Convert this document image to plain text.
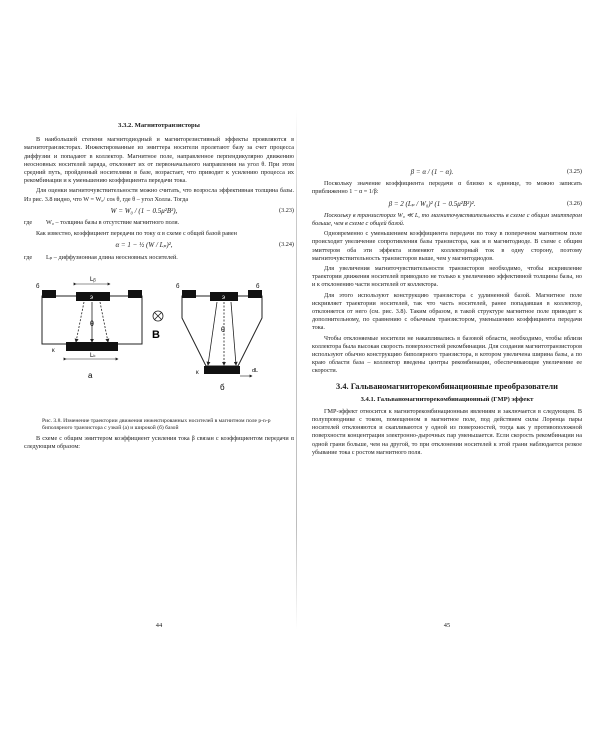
3.3.2. Магнитотранзисторы

В наибольшей степени магнитодиодный и магниторезистивный эффекты проявляются в магнитотранзисторах. Инжектированные из эмиттера носители пролетают базу за счет процесса диффузии и попадают в коллектор. Магнитное поле, направленное перпендикулярно движению неосновных носителей заряда, отклоняет их от первоначального направления на угол θ. При этом средний путь, пройденный носителями в базе, возрастает, что приводит к усилению процесса их рекомбинации и к уменьшению коэффициента передачи тока.

Для оценки магниточувствительности можно считать, что возросла эффективная толщина базы. Из рис. 3.8 видно, что W = W₀/ cos θ, где θ – угол Холла. Тогда

W = W₀ / (1 − 0.5μ²B²),	(3.23)
где	W₀ – толщина базы в отсутствие магнитного поля.

Как известно, коэффициент передачи по току α в схеме с общей базой равен

α = 1 − ½ (W / Lₚ)²,	(3.24)
где	Lₚ – диффузионная длина неосновных носителей.
б
э
Lᵦ
θ
к
Lₖ
а
B
б
э
б
θ
к	dL
б
Рис. 3.8. Изменение траектории движения инжектированных носителей в магнитном поле p-n-p биполярного транзистора с узкой (а) и широкой (б) базой

В схеме с общим эмиттером коэффициент усиления тока β связан с коэффициентом передачи α следующим образом:

44
β = α / (1 − α).	(3.25)

Поскольку значение коэффициента передачи α близко к единице, то можно записать приближенно 1 − α = 1/β:

β = 2 (Lₚ / W₀)² (1 − 0.5μ²B²)².	(3.26)

Поскольку в транзисторах W₀ ≪ L, то магниточувствительность в схеме с общим эмиттером больше, чем в схеме с общей базой.

Одновременно с уменьшением коэффициента передачи по току в поперечном магнитном поле происходит увеличение сопротивления базы транзистора, как и в магнитодиоде. В схеме с общим эмиттером оба эти эффекта изменяют коллекторный ток в одну сторону, поэтому магниточувствительность транзисторов выше, чем у магнитодиодов.

Для увеличения магниточувствительности транзисторов необходимо, чтобы искривление траектории движения носителей приводило не только к увеличению эффективной толщины базы, но и к отклонению части носителей от коллектора.

Для этого используют конструкцию транзистора с удлиненной базой. Магнитное поле искривляет траектории носителей, так что часть носителей, ранее попадавшая в коллектор, отклоняется от него (см. рис. 3.8). Таким образом, в такой структуре магнитное поле приводит к дополнительному, по сравнению с обычным транзистором, уменьшению коэффициента передачи тока.

Чтобы отклоняемые носители не накапливались в базовой области, необходимо, чтобы вблизи коллектора была высокая скорость поверхностной рекомбинации. Для создания магнитотранзисторов используют обычно конструкцию биполярного транзистора, в котором увеличена ширина базы, а по краю области база – коллектор введены центры рекомбинации, обеспечивающие увеличение ее скорости.

3.4. Гальваномагниторекомбинационные преобразователи
3.4.1. Гальваномагниторекомбинационный (ГМР) эффект

ГМР-эффект относится к магниторекомбинационным явлениям и заключается в следующем. В полупроводнике с током, помещенном в магнитное поле, под действием силы Лоренца пары носителей отклоняются и скапливаются у одной из поверхностей, тогда как у противоположной поверхности концентрация электронно-дырочных пар уменьшается. Если скорость рекомбинации на одной грани больше, чем на другой, то при отклонении носителей к этой грани наблюдается резкое убывание тока с ростом магнитного поля.

45
